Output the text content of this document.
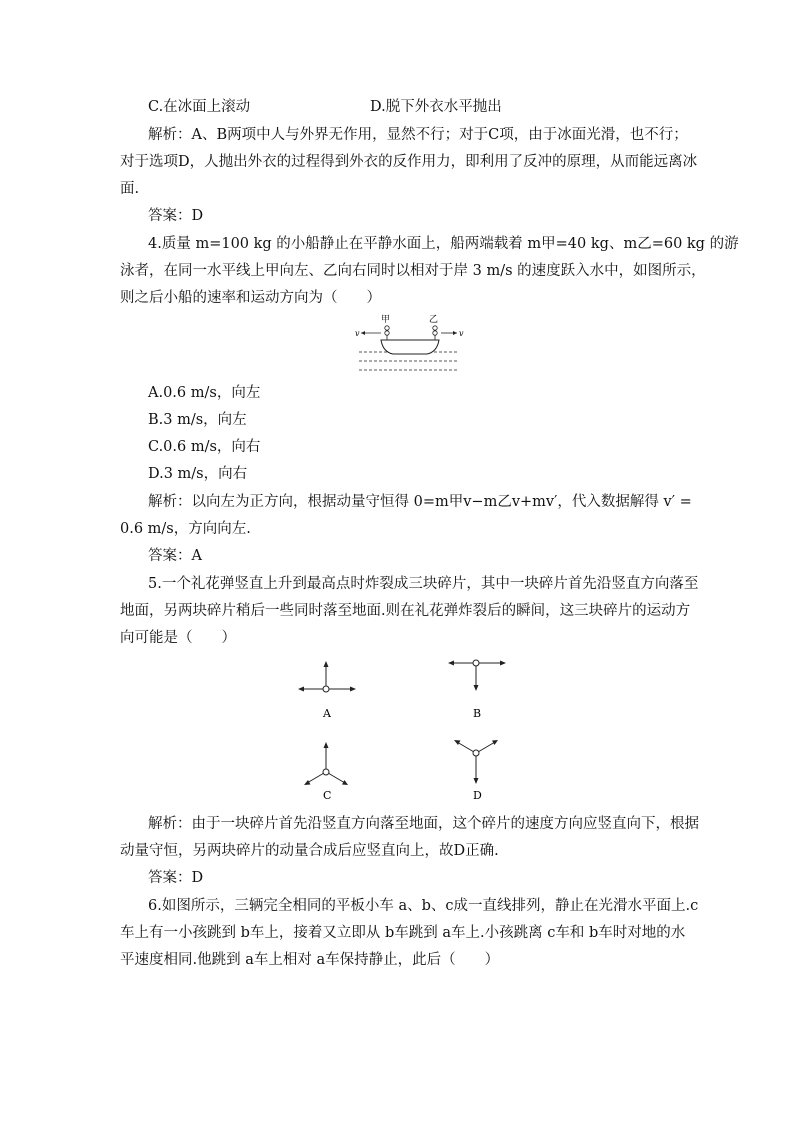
C.在冰面上滚动	D.脱下外衣水平抛出
解析：A、B两项中人与外界无作用，显然不行；对于C项，由于冰面光滑，也不行；
对于选项D，人抛出外衣的过程得到外衣的反作用力，即利用了反冲的原理，从而能远离冰
面.
答案：D
4.质量 m=100 kg 的小船静止在平静水面上，船两端载着 m甲=40 kg、m乙=60 kg 的游
泳者，在同一水平线上甲向左、乙向右同时以相对于岸 3 m/s 的速度跃入水中，如图所示，
则之后小船的速率和运动方向为（　　）
甲	乙
v	v
A.0.6 m/s，向左
B.3 m/s，向左
C.0.6 m/s，向右
D.3 m/s，向右
解析：以向左为正方向，根据动量守恒得 0=m甲v−m乙v+mv′，代入数据解得 v′ =
0.6 m/s，方向向左.
答案：A
5.一个礼花弹竖直上升到最高点时炸裂成三块碎片，其中一块碎片首先沿竖直方向落至
地面，另两块碎片稍后一些同时落至地面.则在礼花弹炸裂后的瞬间，这三块碎片的运动方
向可能是（　　）
A	B
C	D
解析：由于一块碎片首先沿竖直方向落至地面，这个碎片的速度方向应竖直向下，根据
动量守恒，另两块碎片的动量合成后应竖直向上，故D正确.
答案：D
6.如图所示，三辆完全相同的平板小车 a、b、c成一直线排列，静止在光滑水平面上.c
车上有一小孩跳到 b车上，接着又立即从 b车跳到 a车上.小孩跳离 c车和 b车时对地的水
平速度相同.他跳到 a车上相对 a车保持静止，此后（　　）
